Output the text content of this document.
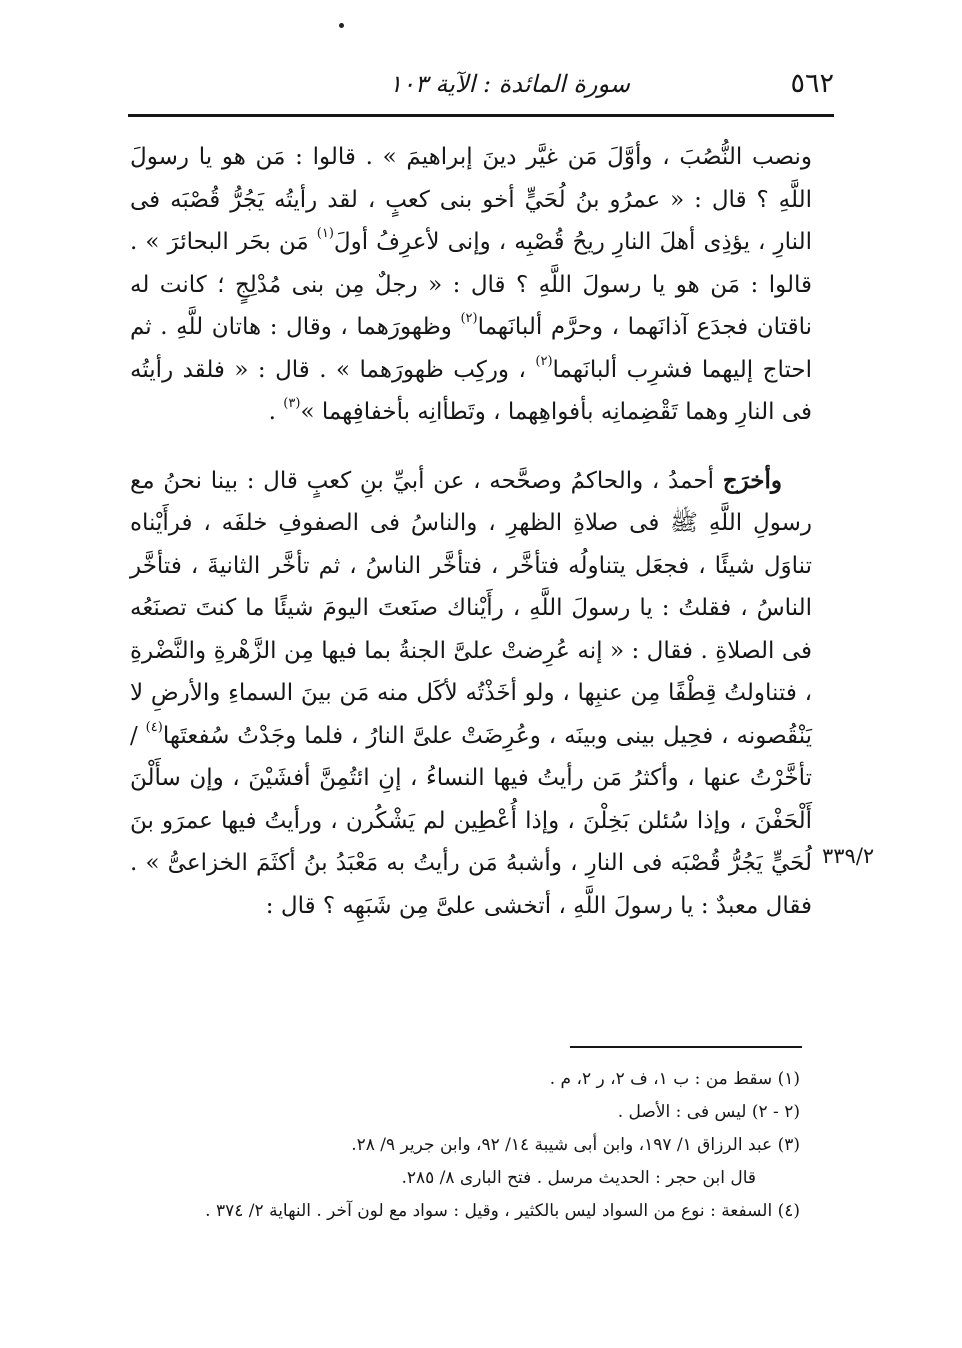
٥٦٢
سورة المائدة : الآية ١٠٣

ونصب النُّصُبَ ، وأوَّلَ مَن غيَّر دينَ إبراهيمَ » . قالوا : مَن هو يا رسولَ اللَّهِ ؟ قال : « عمرُو بنُ لُحَيٍّ أخو بنى كعبٍ ، لقد رأيتُه يَجُرُّ قُصْبَه فى النارِ ، يؤذِى أهلَ النارِ ريحُ قُصْبِه ، وإنى لأعرِفُ أولَ$^{(١)}$ مَن بحَر البحائرَ » . قالوا : مَن هو يا رسولَ اللَّهِ ؟ قال : « رجلٌ مِن بنى مُدْلِجٍ ؛ كانت له ناقتان فجدَع آذانَهما ، وحرَّم ألبانَهما$^{(٢)}$ وظهورَهما ، وقال : هاتان للَّهِ . ثم احتاج إليهما فشرِب ألبانَهما$^{(٢)}$ ، وركِب ظهورَهما » . قال : « فلقد رأيتُه فى النارِ وهما تَقْضِمانِه بأفواهِهما ، وتَطأانِه بأخفافِهما »$^{(٣)}$ .

وأخرَج أحمدُ ، والحاكمُ وصحَّحه ، عن أبيِّ بنِ كعبٍ قال : بينا نحنُ مع رسولِ اللَّهِ ﷺ فى صلاةِ الظهرِ ، والناسُ فى الصفوفِ خلفَه ، فرأَيْناه تناوَل شيئًا ، فجعَل يتناولُه فتأخَّر ، فتأخَّر الناسُ ، ثم تأخَّر الثانيةَ ، فتأخَّر الناسُ ، فقلتُ : يا رسولَ اللَّهِ ، رأَيْناك صنَعتَ اليومَ شيئًا ما كنتَ تصنَعُه فى الصلاةِ . فقال : « إنه عُرِضتْ علىَّ الجنةُ بما فيها مِن الزَّهْرةِ والنَّضْرةِ ، فتناولتُ قِطْفًا مِن عنبِها ، ولو أخَذْتُه لأكَل منه مَن بينَ السماءِ والأرضِ لا يَنْقُصونه ، فحِيل بينى وبينَه ، وعُرِضَتْ علىَّ النارُ ، فلما وجَدْتُ سُفعتَها$^{(٤)}$ / تأخَّرْتُ عنها ، وأكثرُ مَن رأيتُ فيها النساءُ ، إنِ ائتُمِنَّ أفشَيْنَ ، وإن سأَلْنَ أَلْحَفْنَ ، وإذا سُئلن بَخِلْنَ ، وإذا أُعْطِين لم يَشْكُرن ، ورأيتُ فيها عمرَو بنَ لُحَيٍّ يَجُرُّ قُصْبَه فى النارِ ، وأشبهُ مَن رأيتُ به مَعْبَدُ بنُ أكثَمَ الخزاعىُّ » . فقال معبدٌ : يا رسولَ اللَّهِ ، أتخشى علىَّ مِن شَبَهِه ؟ قال :

٣٣٩/٢

(١) سقط من : ب ١، ف ٢، ر ٢، م .

(٢ - ٢) ليس فى : الأصل .

(٣) عبد الرزاق ١/ ١٩٧، وابن أبى شيبة ١٤/ ٩٢، وابن جرير ٩/ ٢٨.

قال ابن حجر : الحديث مرسل . فتح البارى ٨/ ٢٨٥.

(٤) السفعة : نوع من السواد ليس بالكثير ، وقيل : سواد مع لون آخر . النهاية ٢/ ٣٧٤ .
